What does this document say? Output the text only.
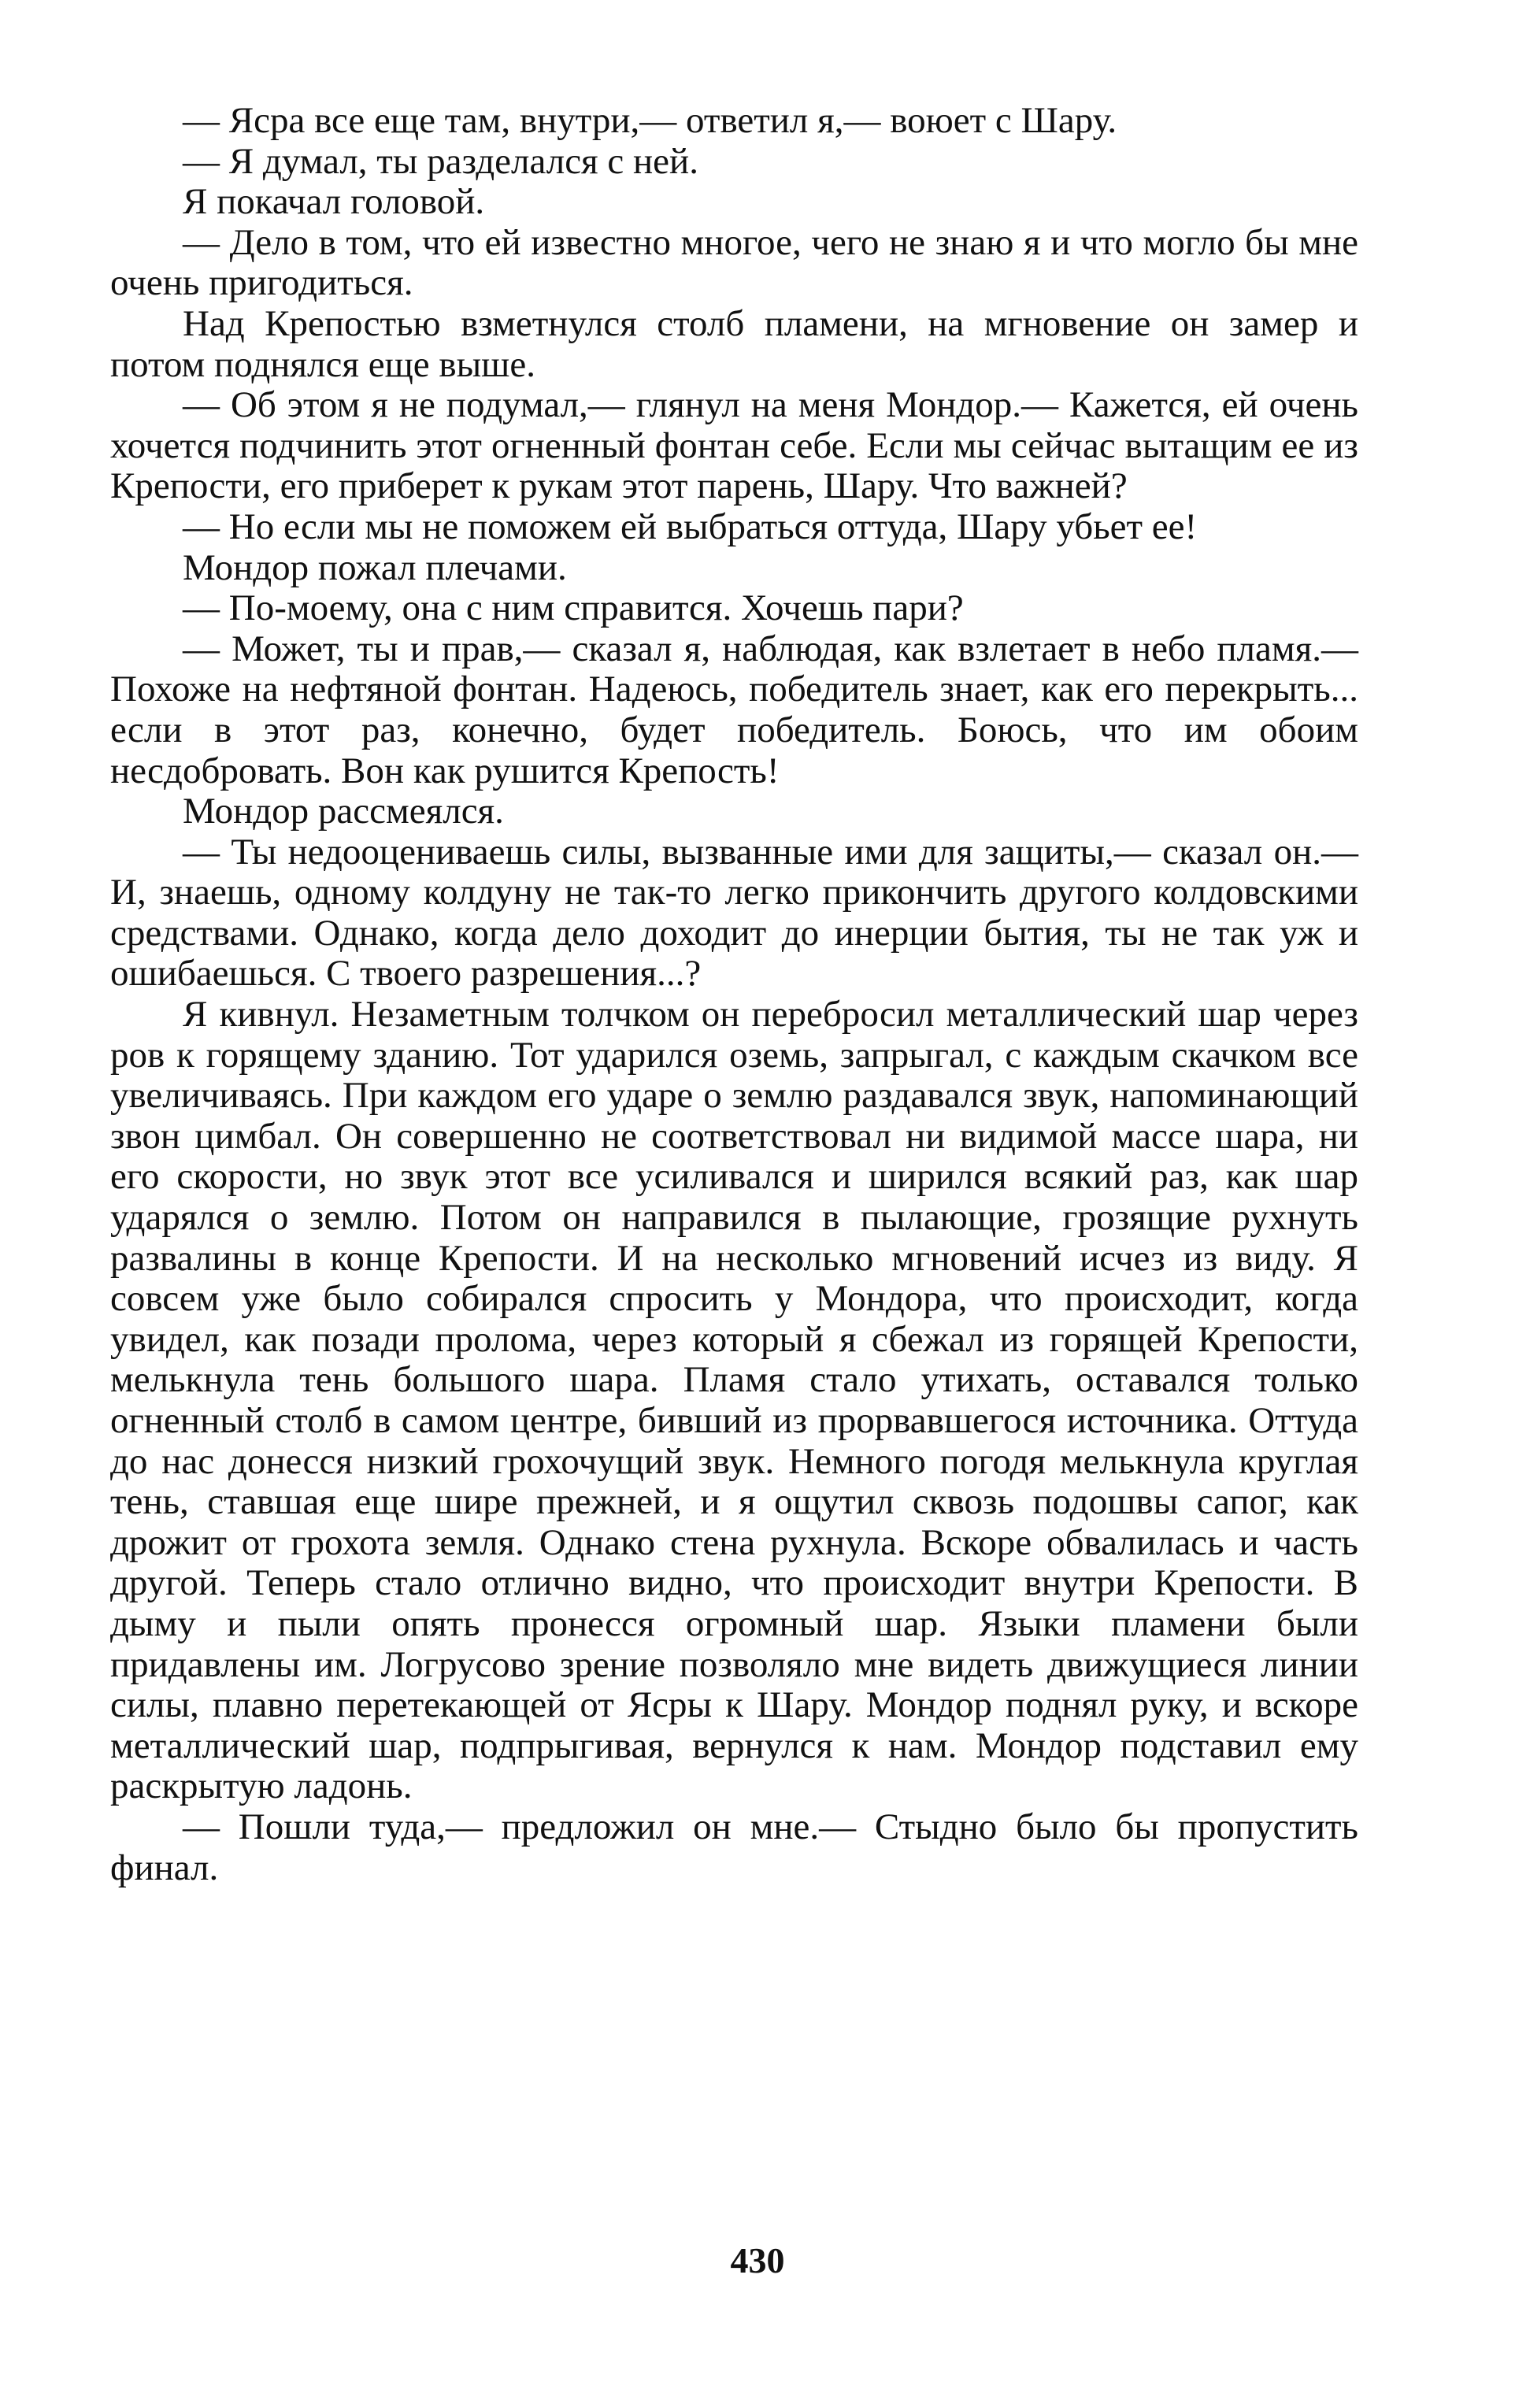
— Ясра все еще там, внутри,— ответил я,— воюет с Шару.

— Я думал, ты разделался с ней.

Я покачал головой.

— Дело в том, что ей известно многое, чего не знаю я и что могло бы мне очень пригодиться.

Над Крепостью взметнулся столб пламени, на мгновение он замер и потом поднялся еще выше.

— Об этом я не подумал,— глянул на меня Мондор.— Кажется, ей очень хочется подчинить этот огненный фонтан себе. Если мы сейчас вытащим ее из Крепости, его приберет к рукам этот парень, Шару. Что важней?

— Но если мы не поможем ей выбраться оттуда, Шару убьет ее!

Мондор пожал плечами.

— По-моему, она с ним справится. Хочешь пари?

— Может, ты и прав,— сказал я, наблюдая, как взлетает в небо пламя.— Похоже на нефтяной фонтан. Надеюсь, победитель знает, как его перекрыть... если в этот раз, конечно, будет победитель. Боюсь, что им обоим несдобровать. Вон как рушится Крепость!

Мондор рассмеялся.

— Ты недооцениваешь силы, вызванные ими для защиты,— сказал он.— И, знаешь, одному колдуну не так-то легко прикончить другого колдовскими средствами. Однако, когда дело доходит до инерции бытия, ты не так уж и ошибаешься. С твоего разрешения...?

Я кивнул. Незаметным толчком он перебросил металлический шар через ров к горящему зданию. Тот ударился оземь, запрыгал, с каждым скачком все увеличиваясь. При каждом его ударе о землю раздавался звук, напоминающий звон цимбал. Он совершенно не соответствовал ни видимой массе шара, ни его скорости, но звук этот все усиливался и ширился всякий раз, как шар ударялся о землю. Потом он направился в пылающие, грозящие рухнуть развалины в конце Крепости. И на несколько мгновений исчез из виду. Я совсем уже было собирался спросить у Мондора, что происходит, когда увидел, как позади пролома, через который я сбежал из горящей Крепости, мелькнула тень большого шара. Пламя стало утихать, оставался только огненный столб в самом центре, бивший из прорвавшегося источника. Оттуда до нас донесся низкий грохочущий звук. Немного погодя мелькнула круглая тень, ставшая еще шире прежней, и я ощутил сквозь подошвы сапог, как дрожит от грохота земля. Однако стена рухнула. Вскоре обвалилась и часть другой. Теперь стало отлично видно, что происходит внутри Крепости. В дыму и пыли опять пронесся огромный шар. Языки пламени были придавлены им. Логрусово зрение позволяло мне видеть движущиеся линии силы, плавно перетекающей от Ясры к Шару. Мондор поднял руку, и вскоре металлический шар, подпрыгивая, вернулся к нам. Мондор подставил ему раскрытую ладонь.

— Пошли туда,— предложил он мне.— Стыдно было бы пропустить финал.

430
